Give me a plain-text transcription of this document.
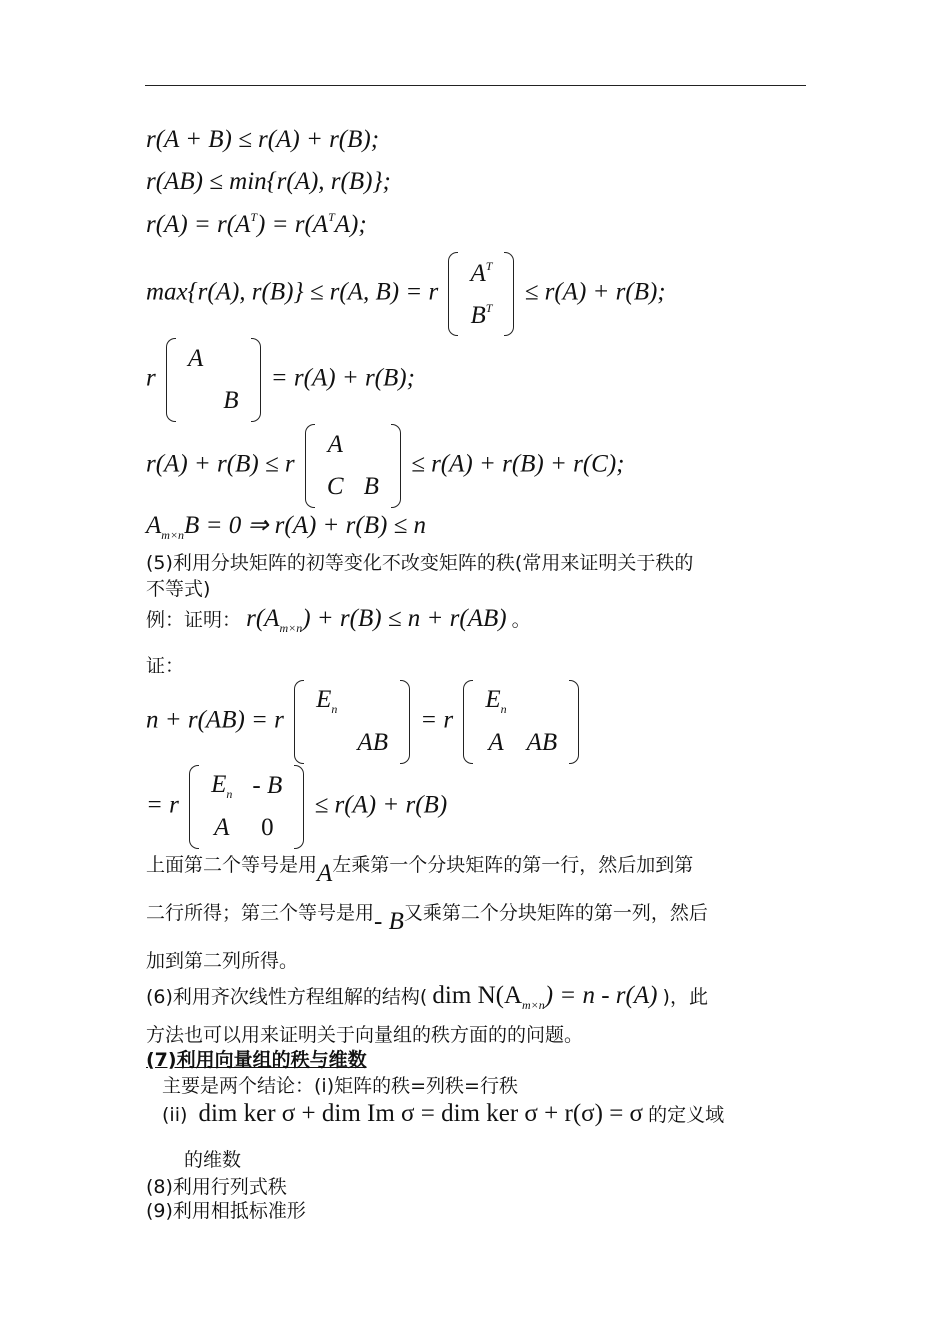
r(A + B) ≤ r(A) + r(B);
r(AB) ≤ min{r(A), r(B)};
$r(A) = r(A^T) = r(A^TA)$;
max{r(A), r(B)} ≤ r(A, B) = r
$A^T$
$B^T$
≤ r(A) + r(B);
r
A	
	B
= r(A) + r(B);
r(A) + r(B) ≤ r
A	
C	B
≤ r(A) + r(B) + r(C);
$A_{m\times n}B = 0$ ⇒ r(A) + r(B) ≤ n
(5)利用分块矩阵的初等变化不改变矩阵的秩(常用来证明关于秩的
不等式)
例：证明： $r(A_{m\times n}) + r(B) \le n + r(AB)$ 。
证：
n + r(AB) = r
$E_n$	
	AB
= r
$E_n$	
A	AB
= r
$E_n$	- B
A	0
≤ r(A) + r(B)
上面第二个等号是用A左乘第一个分块矩阵的第一行，然后加到第
二行所得；第三个等号是用- B又乘第二个分块矩阵的第一列，然后
加到第二列所得。
(6)利用齐次线性方程组解的结构( dim $N(A_{m\times n}) = n - r(A)$ )，此
方法也可以用来证明关于向量组的秩方面的的问题。
(7)利用向量组的秩与维数
主要是两个结论：(i)矩阵的秩=列秩=行秩
(ii) dim ker σ + dim Im σ = dim ker σ + r(σ) = σ 的定义域
的维数
(8)利用行列式秩
(9)利用相抵标准形
